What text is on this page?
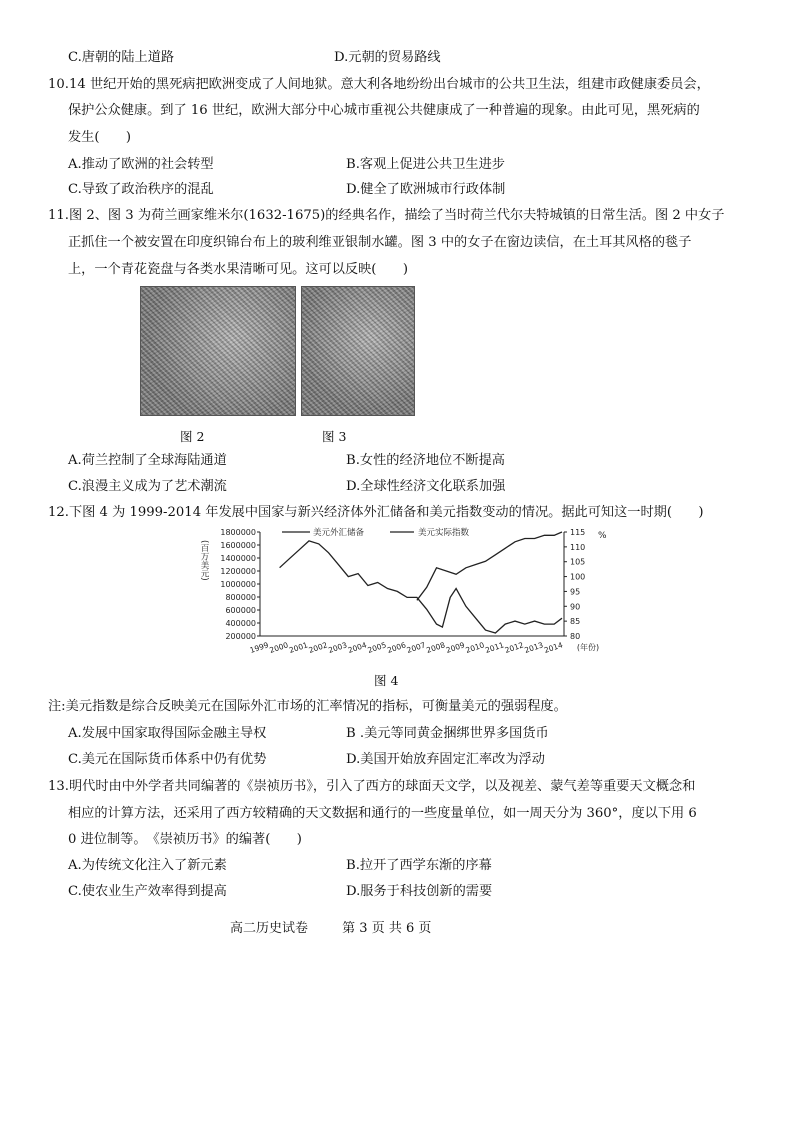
C.唐朝的陆上道路	D.元朝的贸易路线
10.14 世纪开始的黑死病把欧洲变成了人间地狱。意大利各地纷纷出台城市的公共卫生法，组建市政健康委员会，
保护公众健康。到了 16 世纪，欧洲大部分中心城市重视公共健康成了一种普遍的现象。由此可见，黑死病的
发生(　　)
A.推动了欧洲的社会转型	B.客观上促进公共卫生进步
C.导致了政治秩序的混乱	D.健全了欧洲城市行政体制
11.图 2、图 3 为荷兰画家维米尔(1632-1675)的经典名作，描绘了当时荷兰代尔夫特城镇的日常生活。图 2 中女子
正抓住一个被安置在印度织锦台布上的玻利维亚银制水罐。图 3 中的女子在窗边读信，在土耳其风格的毯子
上，一个青花瓷盘与各类水果清晰可见。这可以反映(　　)
图 2	图 3
A.荷兰控制了全球海陆通道	B.女性的经济地位不断提高
C.浪漫主义成为了艺术潮流	D.全球性经济文化联系加强
12.下图 4 为 1999-2014 年发展中国家与新兴经济体外汇储备和美元指数变动的情况。据此可知这一时期(　　)
1800000
1600000
1400000
1200000
1000000
800000
600000
400000
200000
115
110
105
100
95
90
85
80
1999
2000
2001
2002
2003
2004
2005
2006
2007
2008
2009
2010
2011
2012
2013
2014 (年份)
(百万美元)
%
美元外汇储备	美元实际指数
图 4
注:美元指数是综合反映美元在国际外汇市场的汇率情况的指标，可衡量美元的强弱程度。
A.发展中国家取得国际金融主导权	B .美元等同黄金捆绑世界多国货币
C.美元在国际货币体系中仍有优势	D.美国开始放弃固定汇率改为浮动
13.明代时由中外学者共同编著的《崇祯历书》，引入了西方的球面天文学，以及视差、蒙气差等重要天文概念和
相应的计算方法，还采用了西方较精确的天文数据和通行的一些度量单位，如一周天分为 360°，度以下用 6
0 进位制等。　《崇祯历书》的编著(　　)
A.为传统文化注入了新元素	B.拉开了西学东渐的序幕
C.使农业生产效率得到提高	D.服务于科技创新的需要
高二历史试卷	第 3 页 共 6 页
